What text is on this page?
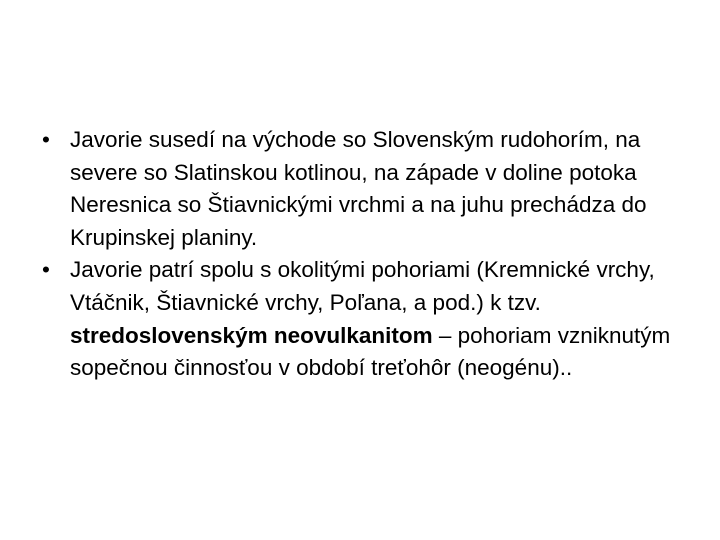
• Javorie susedí na východe so Slovenským rudohorím, na severe so Slatinskou kotlinou, na západe v doline potoka Neresnica so Štiavnickými vrchmi a na juhu prechádza do Krupinskej planiny.
• Javorie patrí spolu s okolitými pohoriami (Kremnické vrchy, Vtáčnik, Štiavnické vrchy, Poľana, a pod.) k tzv. stredoslovenským neovulkanitom – pohoriam vzniknutým sopečnou činnosťou v období treťohôr (neogénu)..
